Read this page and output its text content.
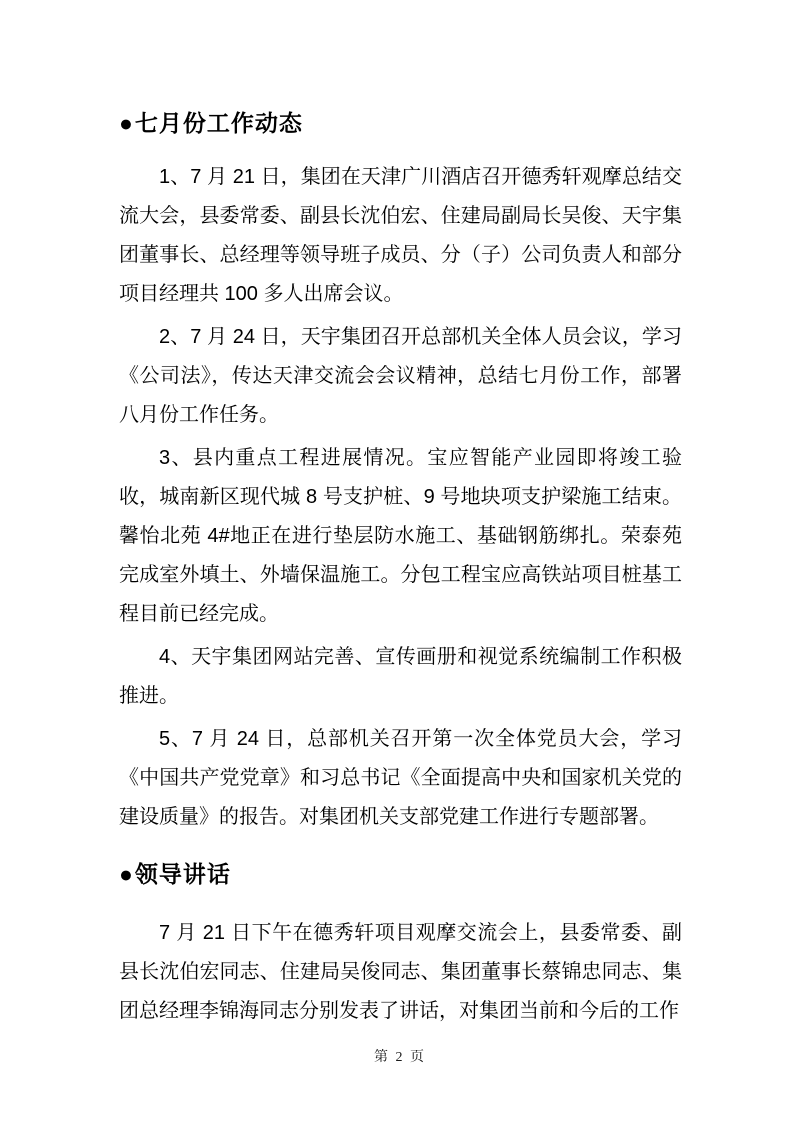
●七月份工作动态

1、7 月 21 日，集团在天津广川酒店召开德秀轩观摩总结交流大会，县委常委、副县长沈伯宏、住建局副局长吴俊、天宇集团董事长、总经理等领导班子成员、分（子）公司负责人和部分项目经理共 100 多人出席会议。

2、7 月 24 日，天宇集团召开总部机关全体人员会议，学习《公司法》，传达天津交流会会议精神，总结七月份工作，部署八月份工作任务。

3、县内重点工程进展情况。宝应智能产业园即将竣工验收，城南新区现代城 8 号支护桩、9 号地块项支护梁施工结束。馨怡北苑 4#地正在进行垫层防水施工、基础钢筋绑扎。荣泰苑完成室外填土、外墙保温施工。分包工程宝应高铁站项目桩基工程目前已经完成。

4、天宇集团网站完善、宣传画册和视觉系统编制工作积极推进。

5、7 月 24 日，总部机关召开第一次全体党员大会，学习《中国共产党党章》和习总书记《全面提高中央和国家机关党的建设质量》的报告。对集团机关支部党建工作进行专题部署。

●领导讲话

7 月 21 日下午在德秀轩项目观摩交流会上，县委常委、副县长沈伯宏同志、住建局吴俊同志、集团董事长蔡锦忠同志、集团总经理李锦海同志分别发表了讲话，对集团当前和今后的工作

第 2 页
